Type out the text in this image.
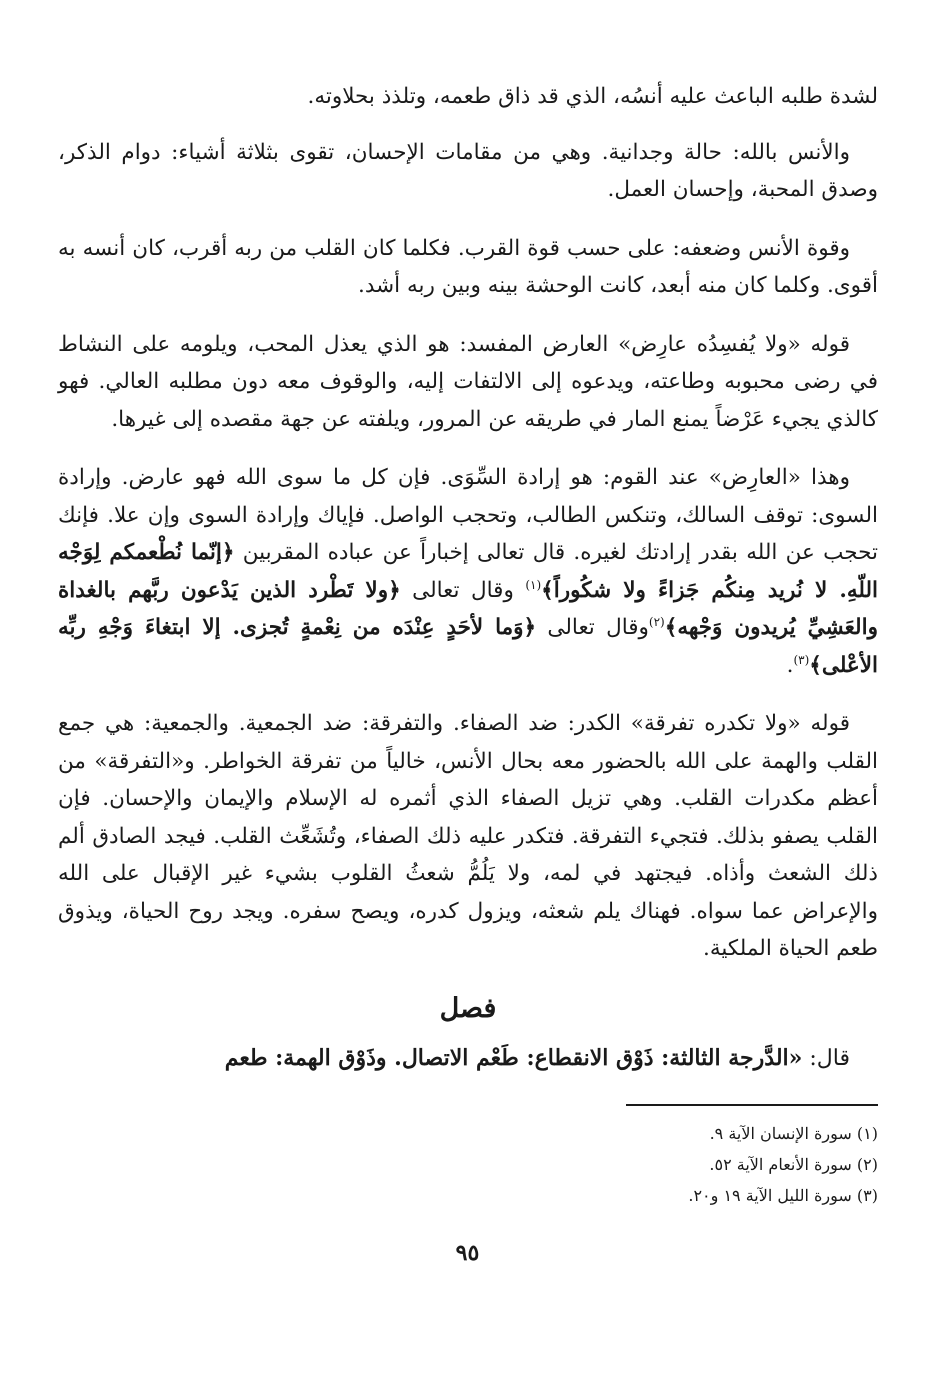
لشدة طلبه الباعث عليه أنسُه، الذي قد ذاق طعمه، وتلذذ بحلاوته.

والأنس بالله: حالة وجدانية. وهي من مقامات الإحسان، تقوى بثلاثة أشياء: دوام الذكر، وصدق المحبة، وإحسان العمل.

وقوة الأنس وضعفه: على حسب قوة القرب. فكلما كان القلب من ربه أقرب، كان أنسه به أقوى. وكلما كان منه أبعد، كانت الوحشة بينه وبين ربه أشد.

قوله «ولا يُفسِدُه عارِض» العارض المفسد: هو الذي يعذل المحب، ويلومه على النشاط في رضى محبوبه وطاعته، ويدعوه إلى الالتفات إليه، والوقوف معه دون مطلبه العالي. فهو كالذي يجيء عَرْضاً يمنع المار في طريقه عن المرور، ويلفته عن جهة مقصده إلى غيرها.

وهذا «العارِض» عند القوم: هو إرادة السِّوَى. فإن كل ما سوى الله فهو عارض. وإرادة السوى: توقف السالك، وتنكس الطالب، وتحجب الواصل. فإياك وإرادة السوى وإن علا. فإنك تحجب عن الله بقدر إرادتك لغيره. قال تعالى إخباراً عن عباده المقربين ﴿إنّما نُطْعمكم لِوَجْه اللّهِ. لا نُريد مِنكُم جَزاءً ولا شكُوراً﴾$^{(١)}$ وقال تعالى ﴿ولا تَطْرد الذين يَدْعون ربَّهم بالغداة والعَشِيِّ يُريدون وَجْهه﴾$^{(٢)}$وقال تعالى ﴿وَما لأحَدٍ عِنْدَه من نِعْمةٍ تُجزى. إلا ابتغاءَ وَجْهِ ربِّه الأعْلى﴾$^{(٣)}$.

قوله «ولا تكدره تفرقة» الكدر: ضد الصفاء. والتفرقة: ضد الجمعية. والجمعية: هي جمع القلب والهمة على الله بالحضور معه بحال الأنس، خالياً من تفرقة الخواطر. و«التفرقة» من أعظم مكدرات القلب. وهي تزيل الصفاء الذي أثمره له الإسلام والإيمان والإحسان. فإن القلب يصفو بذلك. فتجيء التفرقة. فتكدر عليه ذلك الصفاء، وتُشَعِّث القلب. فيجد الصادق ألم ذلك الشعث وأذاه. فيجتهد في لمه، ولا يَلُمُّ شعثُ القلوب بشيء غير الإقبال على الله والإعراض عما سواه. فهناك يلم شعثه، ويزول كدره، ويصح سفره. ويجد روح الحياة، ويذوق طعم الحياة الملكية.

فصل

قال: «الدَّرجة الثالثة: ذَوْق الانقطاع: طَعْم الاتصال. وذَوْق الهمة: طعم

(١) سورة الإنسان الآية ٩.

(٢) سورة الأنعام الآية ٥٢.

(٣) سورة الليل الآية ١٩ و٢٠.

٩٥
